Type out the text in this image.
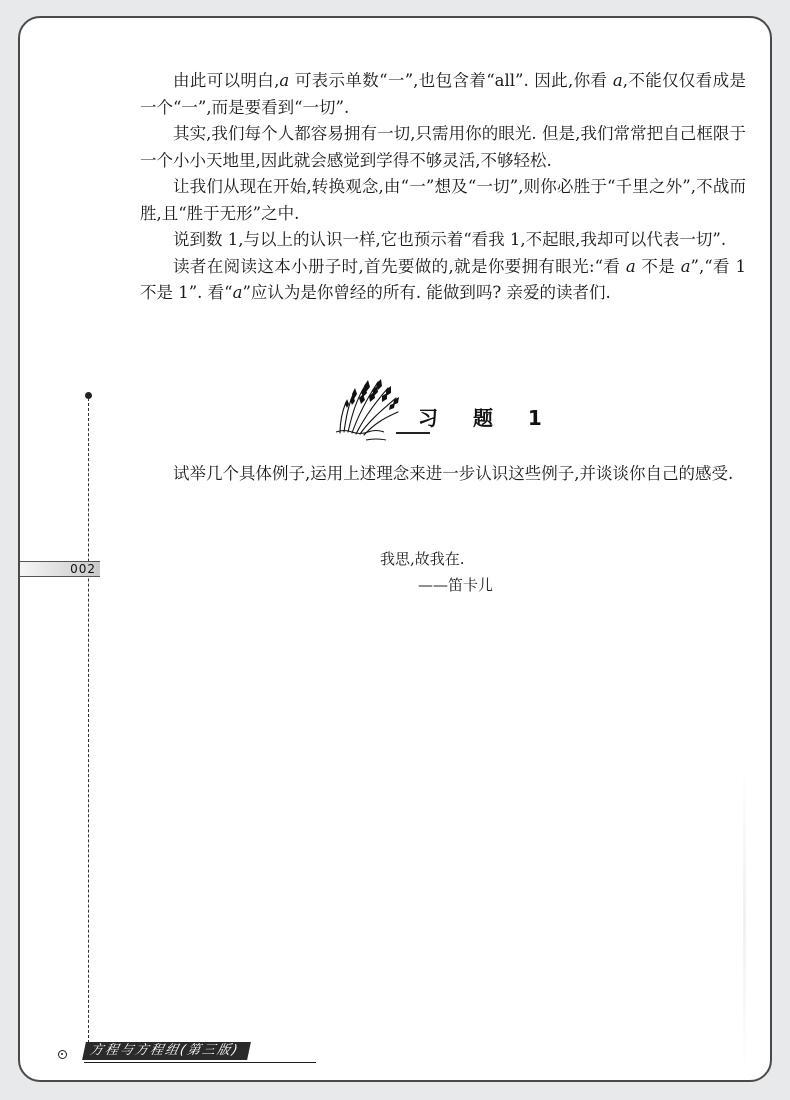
由此可以明白,a 可表示单数“一”,也包含着“all”. 因此,你看 a,不能仅仅看成是一个“一”,而是要看到“一切”.

其实,我们每个人都容易拥有一切,只需用你的眼光. 但是,我们常常把自己框限于一个小小天地里,因此就会感觉到学得不够灵活,不够轻松.

让我们从现在开始,转换观念,由“一”想及“一切”,则你必胜于“千里之外”,不战而胜,且“胜于无形”之中.

说到数 1,与以上的认识一样,它也预示着“看我 1,不起眼,我却可以代表一切”.

读者在阅读这本小册子时,首先要做的,就是你要拥有眼光:“看 a 不是 a”,“看 1 不是 1”. 看“a”应认为是你曾经的所有. 能做到吗? 亲爱的读者们.

习 题 1

试举几个具体例子,运用上述理念来进一步认识这些例子,并谈谈你自己的感受.

我思,故我在.
——笛卡儿
002
方程与方程组(第三版)
